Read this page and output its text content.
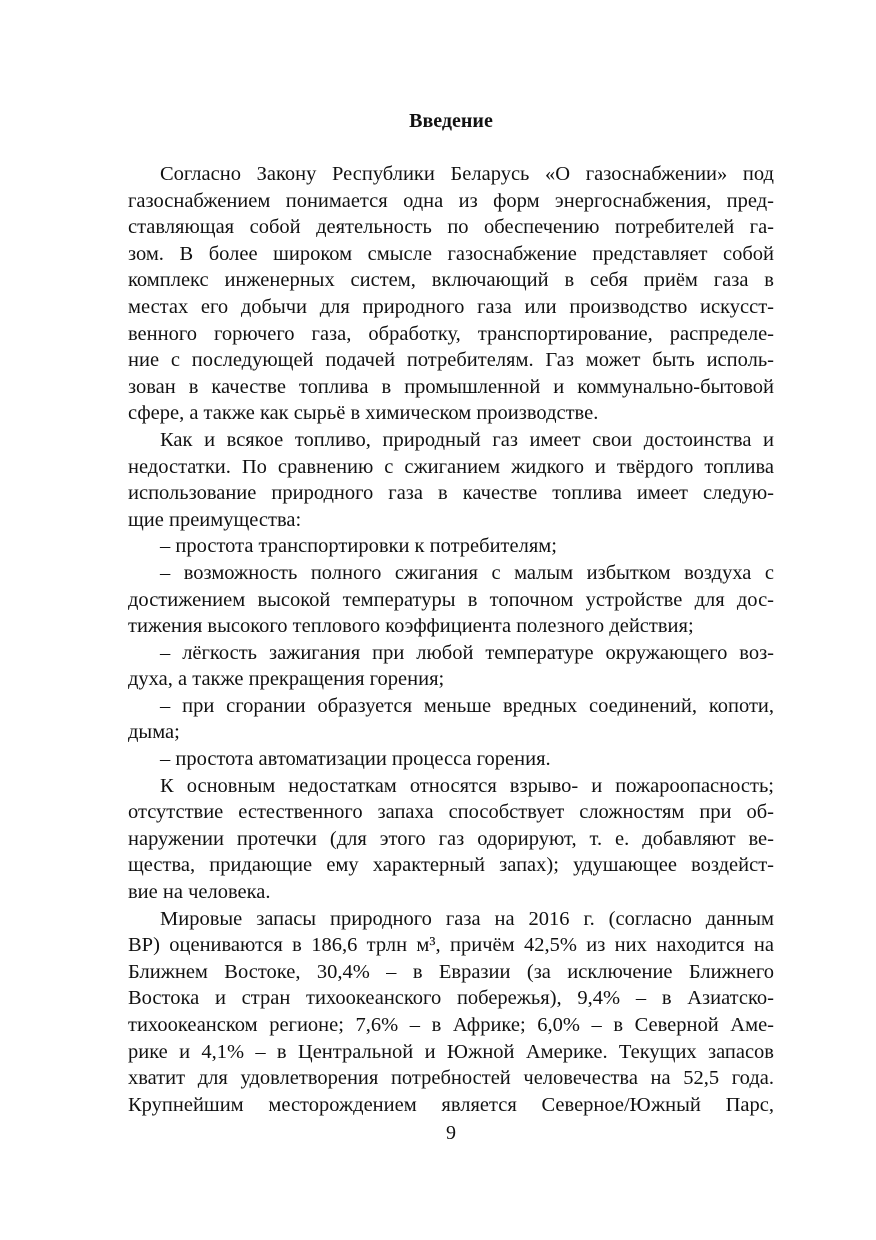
Введение
Согласно Закону Республики Беларусь «О газоснабжении» под
газоснабжением понимается одна из форм энергоснабжения, пред-
ставляющая собой деятельность по обеспечению потребителей га-
зом. В более широком смысле газоснабжение представляет собой
комплекс инженерных систем, включающий в себя приём газа в
местах его добычи для природного газа или производство искусст-
венного горючего газа, обработку, транспортирование, распределе-
ние с последующей подачей потребителям. Газ может быть исполь-
зован в качестве топлива в промышленной и коммунально-бытовой
сфере, а также как сырьё в химическом производстве.
Как и всякое топливо, природный газ имеет свои достоинства и
недостатки. По сравнению с сжиганием жидкого и твёрдого топлива
использование природного газа в качестве топлива имеет следую-
щие преимущества:
– простота транспортировки к потребителям;
– возможность полного сжигания с малым избытком воздуха с
достижением высокой температуры в топочном устройстве для дос-
тижения высокого теплового коэффициента полезного действия;
– лёгкость зажигания при любой температуре окружающего воз-
духа, а также прекращения горения;
– при сгорании образуется меньше вредных соединений, копоти,
дыма;
– простота автоматизации процесса горения.
К основным недостаткам относятся взрыво- и пожароопасность;
отсутствие естественного запаха способствует сложностям при об-
наружении протечки (для этого газ одорируют, т. е. добавляют ве-
щества, придающие ему характерный запах); удушающее воздейст-
вие на человека.
Мировые запасы природного газа на 2016 г. (согласно данным
BP) оцениваются в 186,6 трлн м³, причём 42,5% из них находится на
Ближнем Востоке, 30,4% – в Евразии (за исключение Ближнего
Востока и стран тихоокеанского побережья), 9,4% – в Азиатско-
тихоокеанском регионе; 7,6% – в Африке; 6,0% – в Северной Аме-
рике и 4,1% – в Центральной и Южной Америке. Текущих запасов
хватит для удовлетворения потребностей человечества на 52,5 года.
Крупнейшим месторождением является Северное/Южный Парс,
9
